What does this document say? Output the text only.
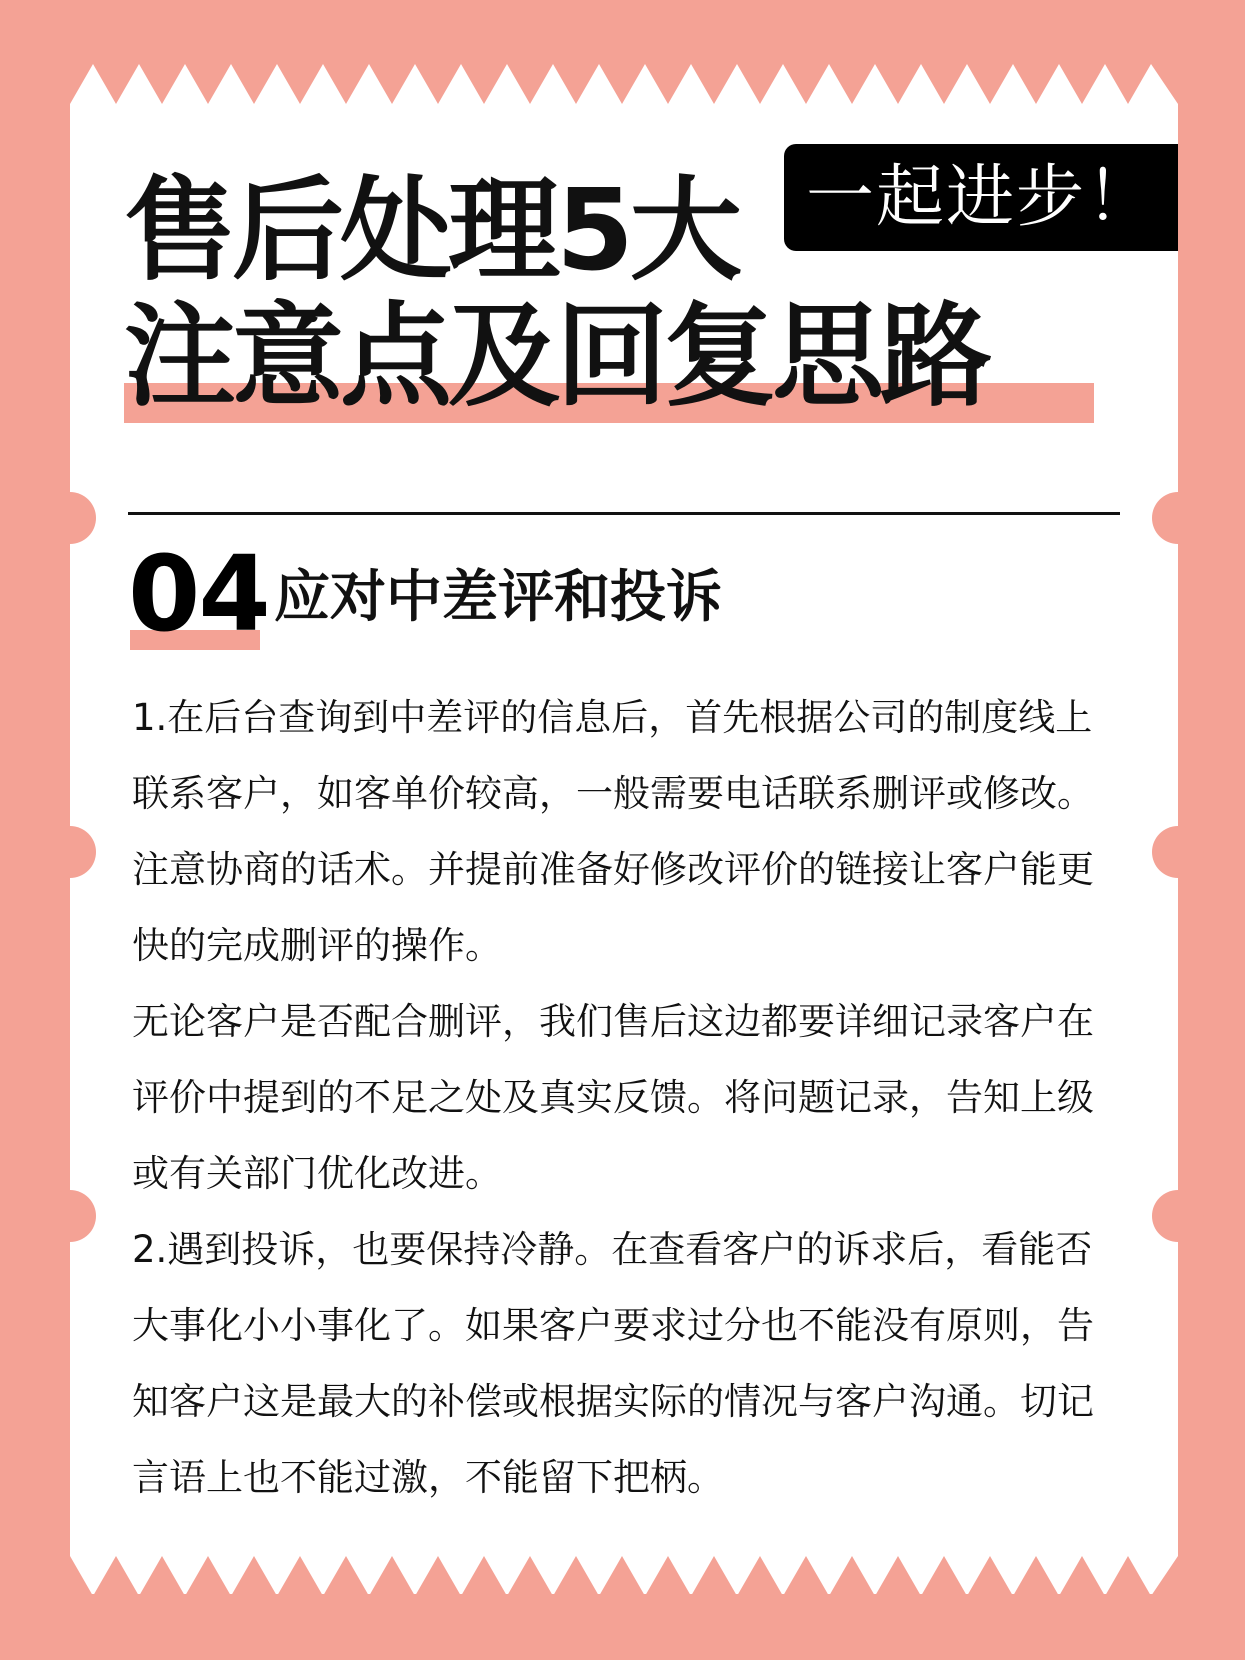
一起进步！
售后处理5大
注意点及回复思路
04 应对中差评和投诉

1.在后台查询到中差评的信息后，首先根据公司的制度线上联系客户，如客单价较高，一般需要电话联系删评或修改。注意协商的话术。并提前准备好修改评价的链接让客户能更快的完成删评的操作。

无论客户是否配合删评，我们售后这边都要详细记录客户在评价中提到的不足之处及真实反馈。将问题记录，告知上级或有关部门优化改进。

2.遇到投诉，也要保持冷静。在查看客户的诉求后，看能否大事化小小事化了。如果客户要求过分也不能没有原则，告知客户这是最大的补偿或根据实际的情况与客户沟通。切记言语上也不能过激，不能留下把柄。
